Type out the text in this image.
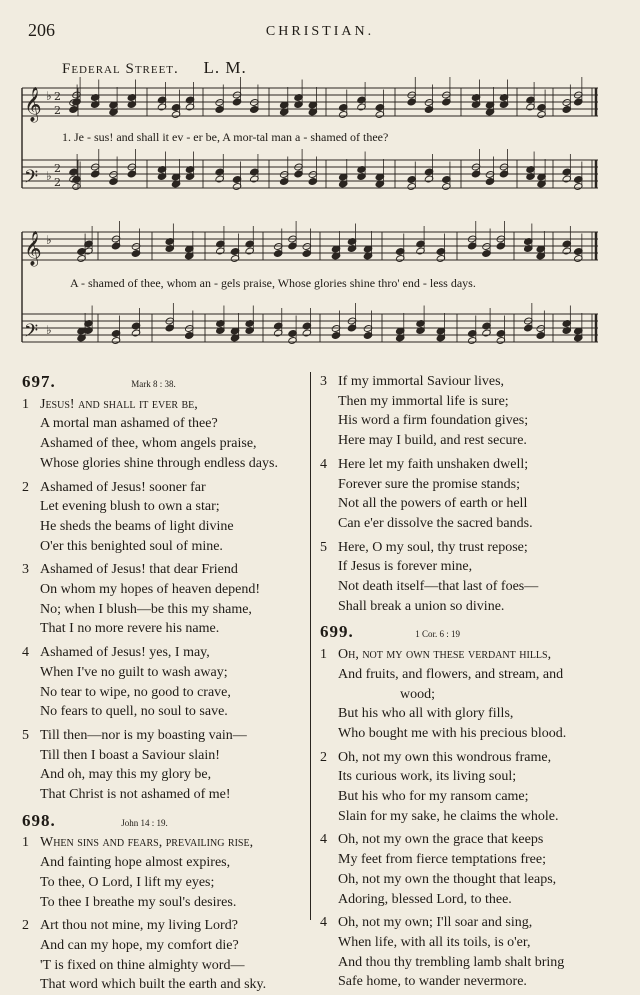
206	CHRISTIAN.
Federal Street. L. M.
𝄞 ♭ 2
2
𝄢 ♭
2
2
𝄞 ♭
𝄢 ♭
1. Je - sus! and shall it ev - er be, A mor-tal man a - shamed of thee?
A - shamed of thee, whom an - gels praise, Whose glories shine thro' end - less days.
697.	Mark 8 : 38.
1 Jesus! and shall it ever be,
A mortal man ashamed of thee?
Ashamed of thee, whom angels praise,
Whose glories shine through endless days.
2 Ashamed of Jesus! sooner far
Let evening blush to own a star;
He sheds the beams of light divine
O'er this benighted soul of mine.
3 Ashamed of Jesus! that dear Friend
On whom my hopes of heaven depend!
No; when I blush—be this my shame,
That I no more revere his name.
4 Ashamed of Jesus! yes, I may,
When I've no guilt to wash away;
No tear to wipe, no good to crave,
No fears to quell, no soul to save.
5 Till then—nor is my boasting vain—
Till then I boast a Saviour slain!
And oh, may this my glory be,
That Christ is not ashamed of me!
698.	John 14 : 19.
1 When sins and fears, prevailing rise,
And fainting hope almost expires,
To thee, O Lord, I lift my eyes;
To thee I breathe my soul's desires.
2 Art thou not mine, my living Lord?
And can my hope, my comfort die?
'T is fixed on thine almighty word—
That word which built the earth and sky.
3 If my immortal Saviour lives,
Then my immortal life is sure;
His word a firm foundation gives;
Here may I build, and rest secure.
4 Here let my faith unshaken dwell;
Forever sure the promise stands;
Not all the powers of earth or hell
Can e'er dissolve the sacred bands.
5 Here, O my soul, thy trust repose;
If Jesus is forever mine,
Not death itself—that last of foes—
Shall break a union so divine.
699.	1 Cor. 6 : 19
1 Oh, not my own these verdant hills,
And fruits, and flowers, and stream, and
wood;
But his who all with glory fills,
Who bought me with his precious blood.
2 Oh, not my own this wondrous frame,
Its curious work, its living soul;
But his who for my ransom came;
Slain for my sake, he claims the whole.
4 Oh, not my own the grace that keeps
My feet from fierce temptations free;
Oh, not my own the thought that leaps,
Adoring, blessed Lord, to thee.
4 Oh, not my own; I'll soar and sing,
When life, with all its toils, is o'er,
And thou thy trembling lamb shalt bring
Safe home, to wander nevermore.
